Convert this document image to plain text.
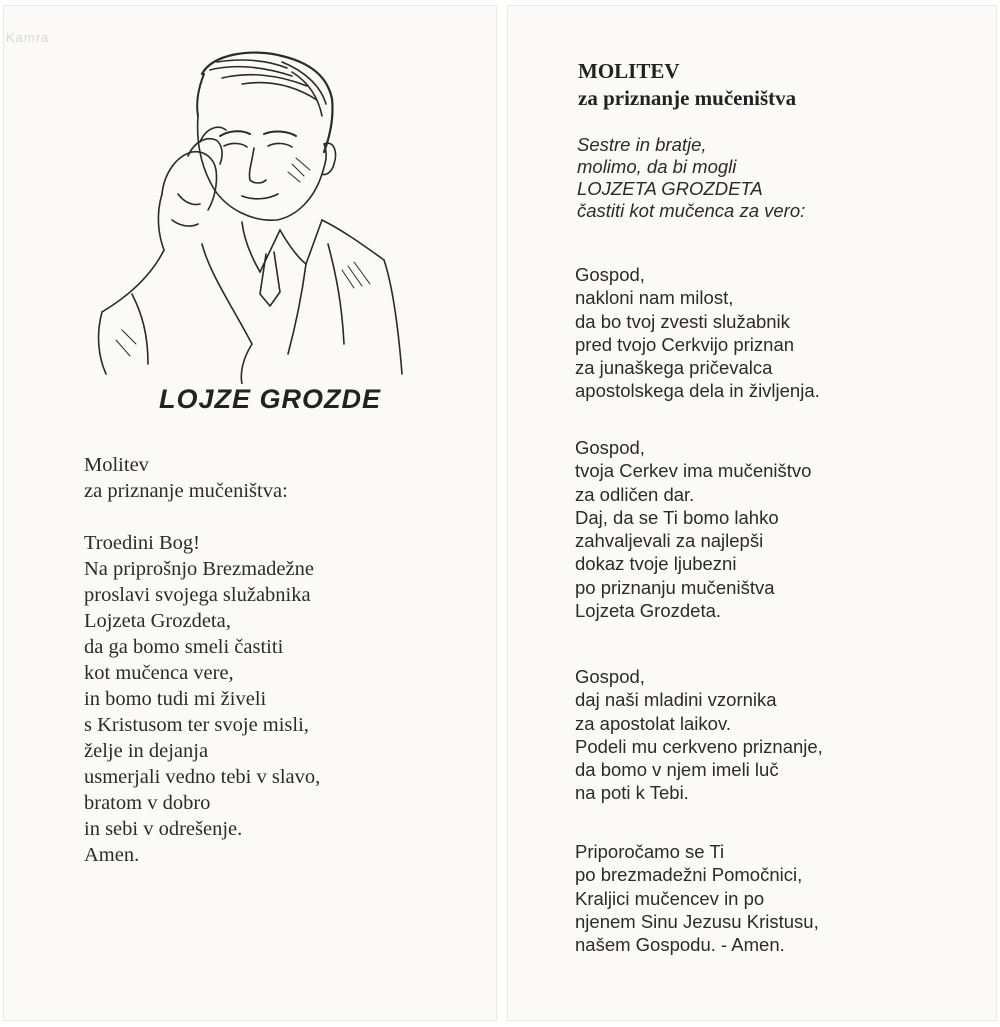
Kamra
LOJZE GROZDE
Molitev
za priznanje mučeništva:
Troedini Bog!
Na priprošnjo Brezmadežne
proslavi svojega služabnika
Lojzeta Grozdeta,
da ga bomo smeli častiti
kot mučenca vere,
in bomo tudi mi živeli
s Kristusom ter svoje misli,
želje in dejanja
usmerjali vedno tebi v slavo,
bratom v dobro
in sebi v odrešenje.
Amen.
MOLITEV
za priznanje mučeništva
Sestre in bratje,
molimo, da bi mogli
LOJZETA GROZDETA
častiti kot mučenca za vero:
Gospod,
nakloni nam milost,
da bo tvoj zvesti služabnik
pred tvojo Cerkvijo priznan
za junaškega pričevalca
apostolskega dela in življenja.
Gospod,
tvoja Cerkev ima mučeništvo
za odličen dar.
Daj, da se Ti bomo lahko
zahvaljevali za najlepši
dokaz tvoje ljubezni
po priznanju mučeništva
Lojzeta Grozdeta.
Gospod,
daj naši mladini vzornika
za apostolat laikov.
Podeli mu cerkveno priznanje,
da bomo v njem imeli luč
na poti k Tebi.
Priporočamo se Ti
po brezmadežni Pomočnici,
Kraljici mučencev in po
njenem Sinu Jezusu Kristusu,
našem Gospodu. - Amen.
